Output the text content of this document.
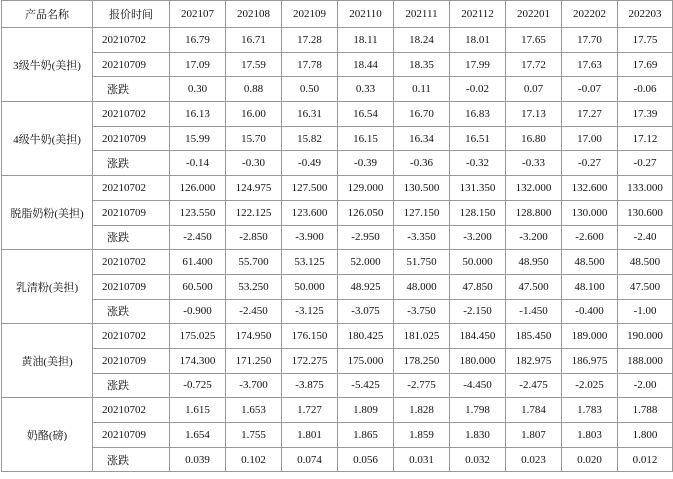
产品名称	报价时间	202107	202108	202109	202110	202111	202112	202201	202202	202203
3级牛奶(美担)	20210702	16.79	16.71	17.28	18.11	18.24	18.01	17.65	17.70	17.75
	20210709	17.09	17.59	17.78	18.44	18.35	17.99	17.72	17.63	17.69
	涨跌	0.30	0.88	0.50	0.33	0.11	-0.02	0.07	-0.07	-0.06
4级牛奶(美担)	20210702	16.13	16.00	16.31	16.54	16.70	16.83	17.13	17.27	17.39
	20210709	15.99	15.70	15.82	16.15	16.34	16.51	16.80	17.00	17.12
	涨跌	-0.14	-0.30	-0.49	-0.39	-0.36	-0.32	-0.33	-0.27	-0.27
脱脂奶粉(美担)	20210702	126.000	124.975	127.500	129.000	130.500	131.350	132.000	132.600	133.000
	20210709	123.550	122.125	123.600	126.050	127.150	128.150	128.800	130.000	130.600
	涨跌	-2.450	-2.850	-3.900	-2.950	-3.350	-3.200	-3.200	-2.600	-2.40
乳清粉(美担)	20210702	61.400	55.700	53.125	52.000	51.750	50.000	48.950	48.500	48.500
	20210709	60.500	53.250	50.000	48.925	48.000	47.850	47.500	48.100	47.500
	涨跌	-0.900	-2.450	-3.125	-3.075	-3.750	-2.150	-1.450	-0.400	-1.00
黄油(美担)	20210702	175.025	174.950	176.150	180.425	181.025	184.450	185.450	189.000	190.000
	20210709	174.300	171.250	172.275	175.000	178.250	180.000	182.975	186.975	188.000
	涨跌	-0.725	-3.700	-3.875	-5.425	-2.775	-4.450	-2.475	-2.025	-2.00
奶酪(磅)	20210702	1.615	1.653	1.727	1.809	1.828	1.798	1.784	1.783	1.788
	20210709	1.654	1.755	1.801	1.865	1.859	1.830	1.807	1.803	1.800
	涨跌	0.039	0.102	0.074	0.056	0.031	0.032	0.023	0.020	0.012
